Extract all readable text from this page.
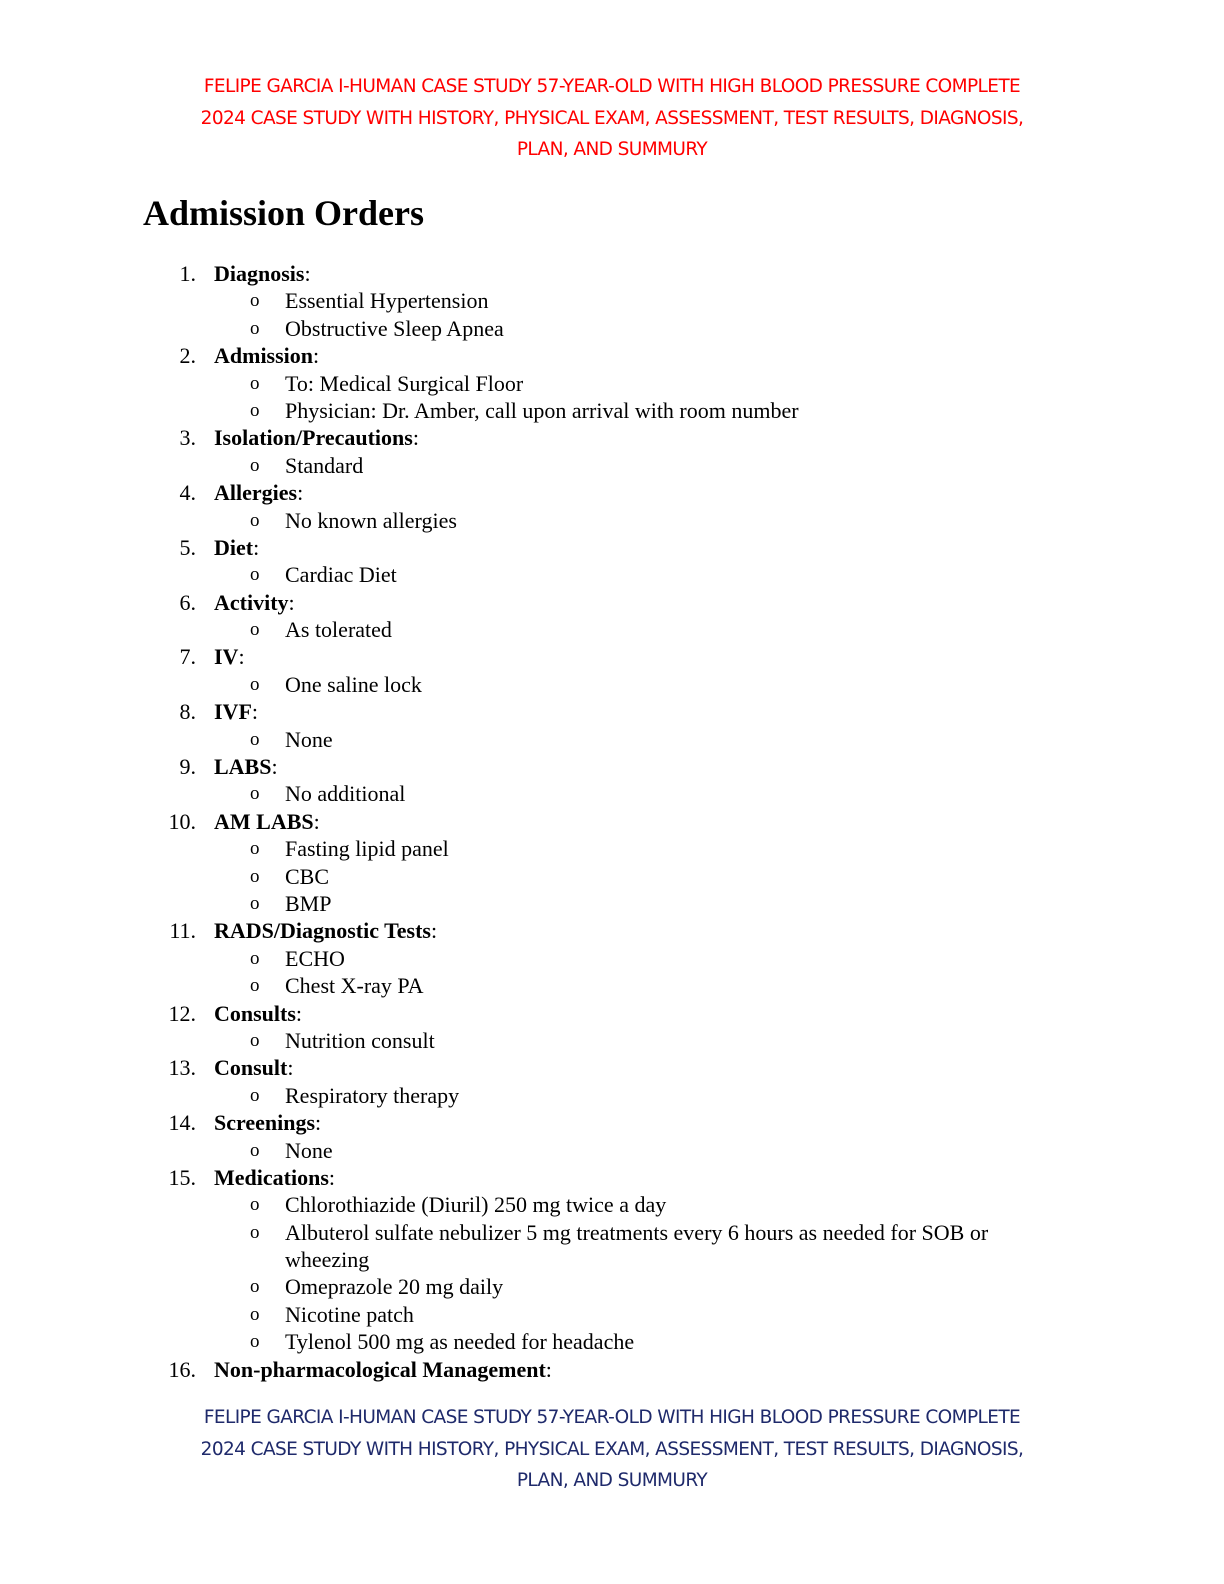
FELIPE GARCIA I-HUMAN CASE STUDY 57-YEAR-OLD WITH HIGH BLOOD PRESSURE COMPLETE
2024 CASE STUDY WITH HISTORY, PHYSICAL EXAM, ASSESSMENT, TEST RESULTS, DIAGNOSIS,
PLAN, AND SUMMURY
Admission Orders
1. Diagnosis:
o Essential Hypertension
o Obstructive Sleep Apnea
2. Admission:
o To: Medical Surgical Floor
o Physician: Dr. Amber, call upon arrival with room number
3. Isolation/Precautions:
o Standard
4. Allergies:
o No known allergies
5. Diet:
o Cardiac Diet
6. Activity:
o As tolerated
7. IV:
o One saline lock
8. IVF:
o None
9. LABS:
o No additional
10. AM LABS:
o Fasting lipid panel
o CBC
o BMP
11. RADS/Diagnostic Tests:
o ECHO
o Chest X-ray PA
12. Consults:
o Nutrition consult
13. Consult:
o Respiratory therapy
14. Screenings:
o None
15. Medications:
o Chlorothiazide (Diuril) 250 mg twice a day
o Albuterol sulfate nebulizer 5 mg treatments every 6 hours as needed for SOB or wheezing
o Omeprazole 20 mg daily
o Nicotine patch
o Tylenol 500 mg as needed for headache
16. Non-pharmacological Management:
FELIPE GARCIA I-HUMAN CASE STUDY 57-YEAR-OLD WITH HIGH BLOOD PRESSURE COMPLETE
2024 CASE STUDY WITH HISTORY, PHYSICAL EXAM, ASSESSMENT, TEST RESULTS, DIAGNOSIS,
PLAN, AND SUMMURY
